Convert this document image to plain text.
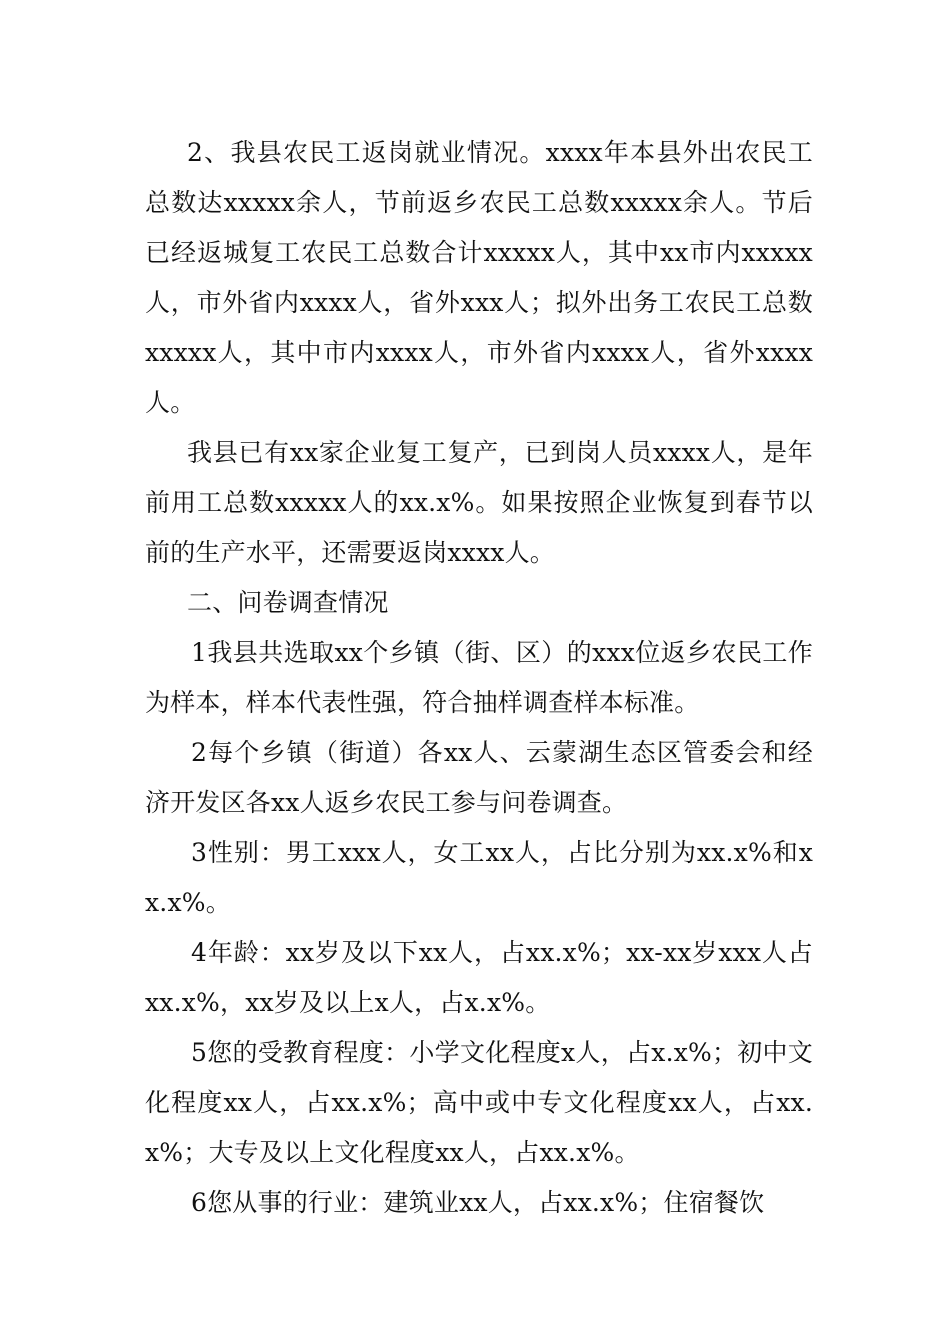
2、我县农民工返岗就业情况。xxxx年本县外出农民工总数达xxxxx余人，节前返乡农民工总数xxxxx余人。节后已经返城复工农民工总数合计xxxxx人，其中xx市内xxxxx人，市外省内xxxx人，省外xxx人；拟外出务工农民工总数xxxxx人，其中市内xxxx人，市外省内xxxx人，省外xxxx人。

我县已有xx家企业复工复产，已到岗人员xxxx人，是年前用工总数xxxxx人的xx.x%。如果按照企业恢复到春节以前的生产水平，还需要返岗xxxx人。

二、问卷调查情况

1我县共选取xx个乡镇（街、区）的xxx位返乡农民工作为样本，样本代表性强，符合抽样调查样本标准。

2每个乡镇（街道）各xx人、云蒙湖生态区管委会和经济开发区各xx人返乡农民工参与问卷调查。

3性别：男工xxx人，女工xx人，占比分别为xx.x%和xx.x%。

4年龄：xx岁及以下xx人，占xx.x%；xx-xx岁xxx人占xx.x%，xx岁及以上x人，占x.x%。

5您的受教育程度：小学文化程度x人，占x.x%；初中文化程度xx人，占xx.x%；高中或中专文化程度xx人，占xx.x%；大专及以上文化程度xx人，占xx.x%。

6您从事的行业：建筑业xx人，占xx.x%；住宿餐饮
